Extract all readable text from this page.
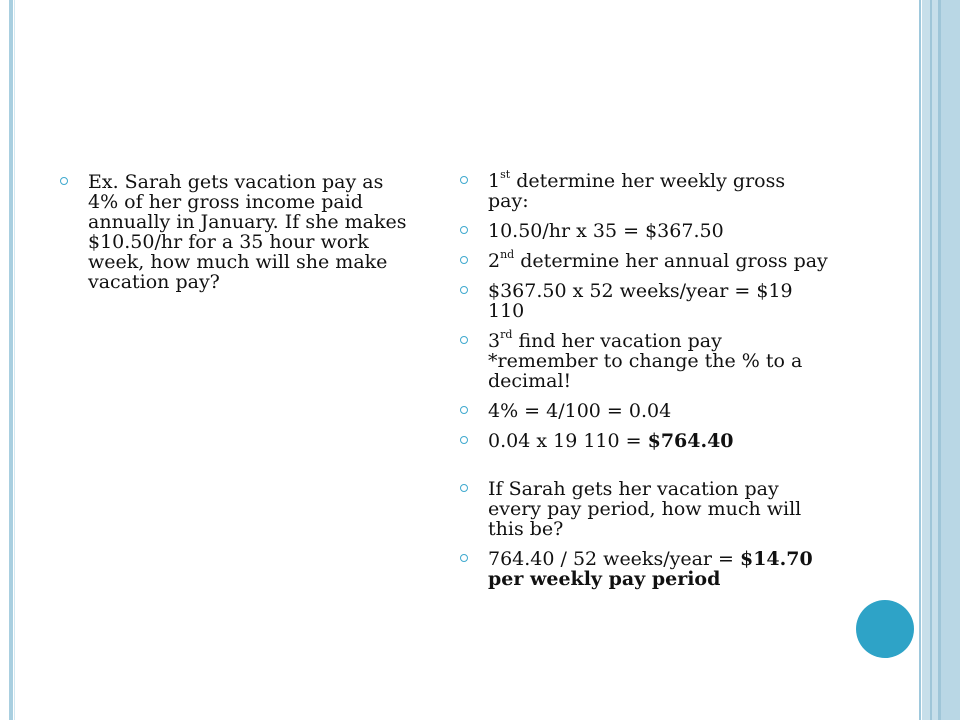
Ex. Sarah gets vacation pay as 4% of her gross income paid annually in January. If she makes $10.50/hr for a 35 hour work week, how much will she make vacation pay?
1st determine her weekly gross pay:
10.50/hr x 35 = $367.50
2nd determine her annual gross pay
$367.50 x 52 weeks/year = $19 110
3rd find her vacation pay *remember to change the % to a decimal!
4% = 4/100 = 0.04
0.04 x 19 110 = $764.40
If Sarah gets her vacation pay every pay period, how much will this be?
764.40 / 52 weeks/year = $14.70 per weekly pay period
